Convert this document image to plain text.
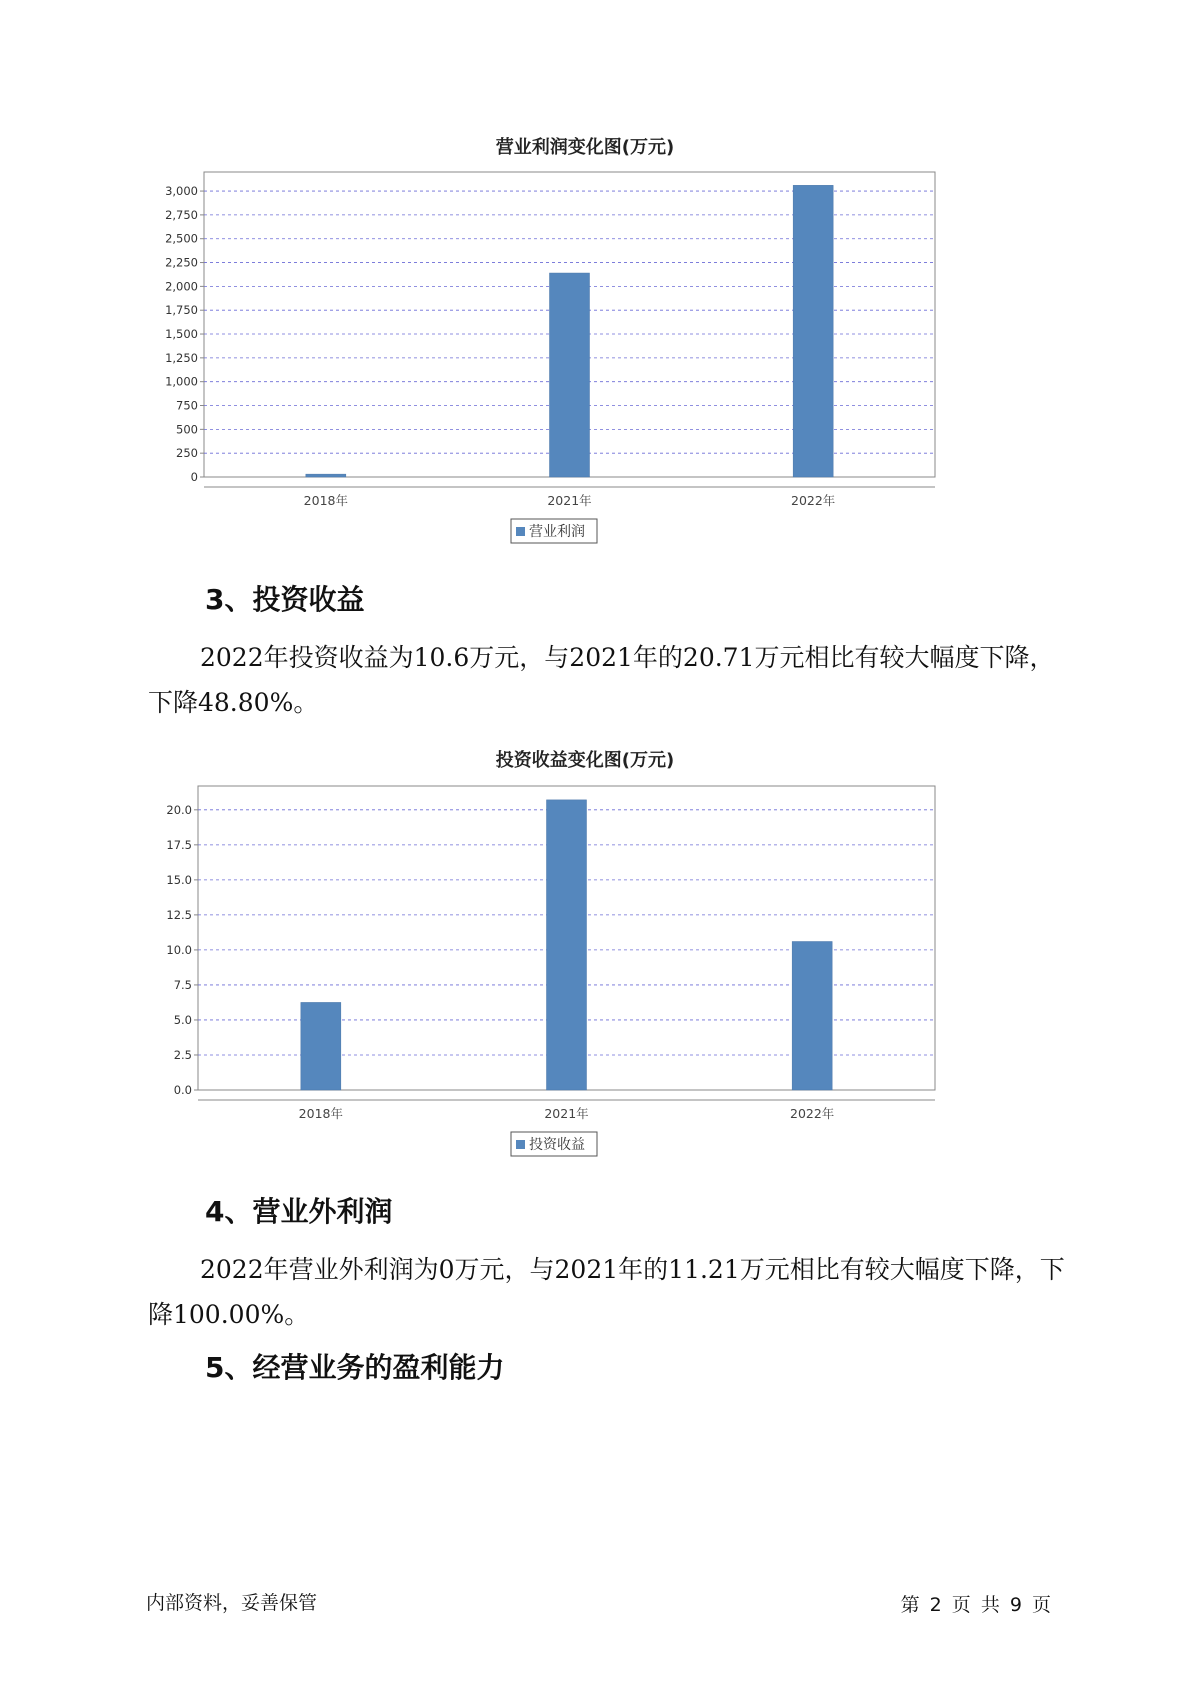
营业利润变化图(万元)
0
250
500
750
1,000
1,250
1,500
1,750
2,000
2,250
2,500
2,750
3,000
2018年	2021年	2022年
营业利润
3、投资收益

2022年投资收益为10.6万元，与2021年的20.71万元相比有较大幅度下降，下降48.80%。

投资收益变化图(万元)
0.0
2.5
5.0
7.5
10.0
12.5
15.0
17.5
20.0
2018年	2021年	2022年
投资收益
4、营业外利润

2022年营业外利润为0万元，与2021年的11.21万元相比有较大幅度下降，下降100.00%。

5、经营业务的盈利能力
内部资料，妥善保管	第 2 页 共 9 页
